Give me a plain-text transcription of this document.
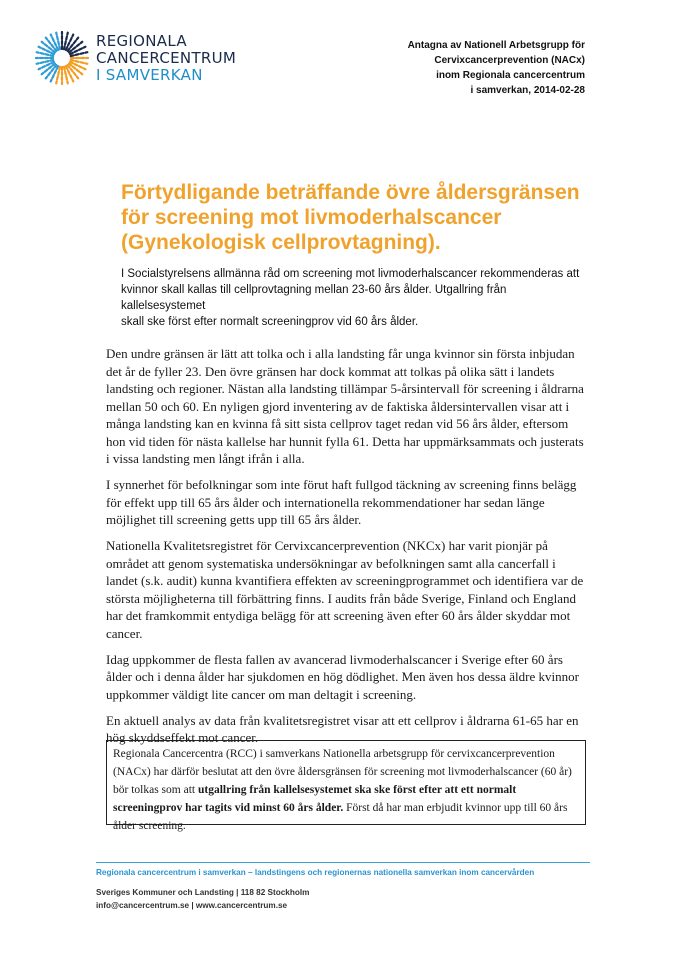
REGIONALA
CANCERCENTRUM
I SAMVERKAN
Antagna av Nationell Arbetsgrupp för
Cervixcancerprevention (NACx)
inom Regionala cancercentrum
i samverkan, 2014-02-28
Förtydligande beträffande övre åldersgränsen
för screening mot livmoderhalscancer
(Gynekologisk cellprovtagning).
I Socialstyrelsens allmänna råd om screening mot livmoderhalscancer rekommenderas att
kvinnor skall kallas till cellprovtagning mellan 23-60 års ålder. Utgallring från kallelsesystemet
skall ske först efter normalt screeningprov vid 60 års ålder.

Den undre gränsen är lätt att tolka och i alla landsting får unga kvinnor sin första inbjudan det år de fyller 23. Den övre gränsen har dock kommat att tolkas på olika sätt i landets landsting och regioner. Nästan alla landsting tillämpar 5-årsintervall för screening i åldrarna mellan 50 och 60. En nyligen gjord inventering av de faktiska åldersintervallen visar att i många landsting kan en kvinna få sitt sista cellprov taget redan vid 56 års ålder, eftersom hon vid tiden för nästa kallelse har hunnit fylla 61. Detta har uppmärksammats och justerats i vissa landsting men långt ifrån i alla.

I synnerhet för befolkningar som inte förut haft fullgod täckning av screening finns belägg för effekt upp till 65 års ålder och internationella rekommendationer har sedan länge möjlighet till screening getts upp till 65 års ålder.

Nationella Kvalitetsregistret för Cervixcancerprevention (NKCx) har varit pionjär på området att genom systematiska undersökningar av befolkningen samt alla cancerfall i landet (s.k. audit) kunna kvantifiera effekten av screeningprogrammet och identifiera var de största möjligheterna till förbättring finns. I audits från både Sverige, Finland och England har det framkommit entydiga belägg för att screening även efter 60 års ålder skyddar mot cancer.

Idag uppkommer de flesta fallen av avancerad livmoderhalscancer i Sverige efter 60 års ålder och i denna ålder har sjukdomen en hög dödlighet. Men även hos dessa äldre kvinnor uppkommer väldigt lite cancer om man deltagit i screening.

En aktuell analys av data från kvalitetsregistret visar att ett cellprov i åldrarna 61-65 har en hög skyddseffekt mot cancer.

Regionala Cancercentra (RCC) i samverkans Nationella arbetsgrupp för cervixcancerprevention (NACx) har därför beslutat att den övre åldersgränsen för screening mot livmoderhalscancer (60 år) bör tolkas som att utgallring från kallelsesystemet ska ske först efter att ett normalt screeningprov har tagits vid minst 60 års ålder. Först då har man erbjudit kvinnor upp till 60 års ålder screening.
Regionala cancercentrum i samverkan – landstingens och regionernas nationella samverkan inom cancervården
Sveriges Kommuner och Landsting | 118 82 Stockholm
info@cancercentrum.se | www.cancercentrum.se
